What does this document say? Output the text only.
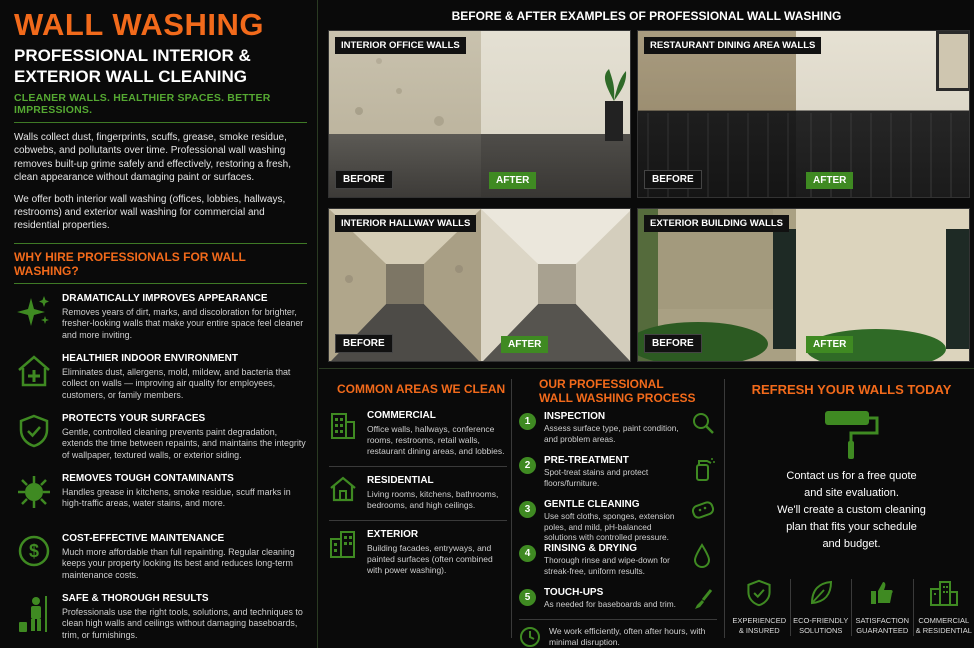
WALL WASHING
PROFESSIONAL INTERIOR &
EXTERIOR WALL CLEANING
CLEANER WALLS. HEALTHIER SPACES. BETTER IMPRESSIONS.

Walls collect dust, fingerprints, scuffs, grease, smoke residue, cobwebs, and pollutants over time. Professional wall washing removes built-up grime safely and effectively, restoring a fresh, clean appearance without damaging paint or surfaces.

We offer both interior wall washing (offices, lobbies, hallways, restrooms) and exterior wall washing for commercial and residential properties.

WHY HIRE PROFESSIONALS FOR WALL WASHING?
DRAMATICALLY IMPROVES APPEARANCE
Removes years of dirt, marks, and discoloration for brighter, fresher-looking walls that make your entire space feel cleaner and more inviting.
HEALTHIER INDOOR ENVIRONMENT
Eliminates dust, allergens, mold, mildew, and bacteria that collect on walls — improving air quality for employees, customers, or family members.
PROTECTS YOUR SURFACES
Gentle, controlled cleaning prevents paint degradation, extends the time between repaints, and maintains the integrity of wallpaper, textured walls, or exterior siding.
REMOVES TOUGH CONTAMINANTS
Handles grease in kitchens, smoke residue, scuff marks in high-traffic areas, water stains, and more.
$
COST-EFFECTIVE MAINTENANCE
Much more affordable than full repainting. Regular cleaning keeps your property looking its best and reduces long-term maintenance costs.
SAFE & THOROUGH RESULTS
Professionals use the right tools, solutions, and techniques to clean high walls and ceilings without damaging baseboards, trim, or furnishings.
BEFORE & AFTER EXAMPLES OF PROFESSIONAL WALL WASHING
INTERIOR OFFICE WALLS
BEFORE	AFTER
RESTAURANT DINING AREA WALLS
BEFORE	AFTER
INTERIOR HALLWAY WALLS
BEFORE	AFTER
EXTERIOR BUILDING WALLS
BEFORE	AFTER
COMMON AREAS WE CLEAN
COMMERCIAL
Office walls, hallways, conference rooms, restrooms, retail walls, restaurant dining areas, and lobbies.
RESIDENTIAL
Living rooms, kitchens, bathrooms, bedrooms, and high ceilings.
EXTERIOR
Building facades, entryways, and painted surfaces (often combined with power washing).
OUR PROFESSIONAL
WALL WASHING PROCESS
1	INSPECTION
Assess surface type, paint condition, and problem areas.
2	PRE-TREATMENT
Spot-treat stains and protect floors/furniture.
3	GENTLE CLEANING
Use soft cloths, sponges, extension poles, and mild, pH-balanced solutions with controlled pressure.
4	RINSING & DRYING
Thorough rinse and wipe-down for streak-free, uniform results.
5	TOUCH-UPS
As needed for baseboards and trim.
We work efficiently, often after hours, with minimal disruption.
REFRESH YOUR WALLS TODAY
Contact us for a free quote
and site evaluation.
We'll create a custom cleaning
plan that fits your schedule
and budget.
EXPERIENCED
& INSURED
ECO-FRIENDLY
SOLUTIONS
SATISFACTION
GUARANTEED
COMMERCIAL
& RESIDENTIAL
